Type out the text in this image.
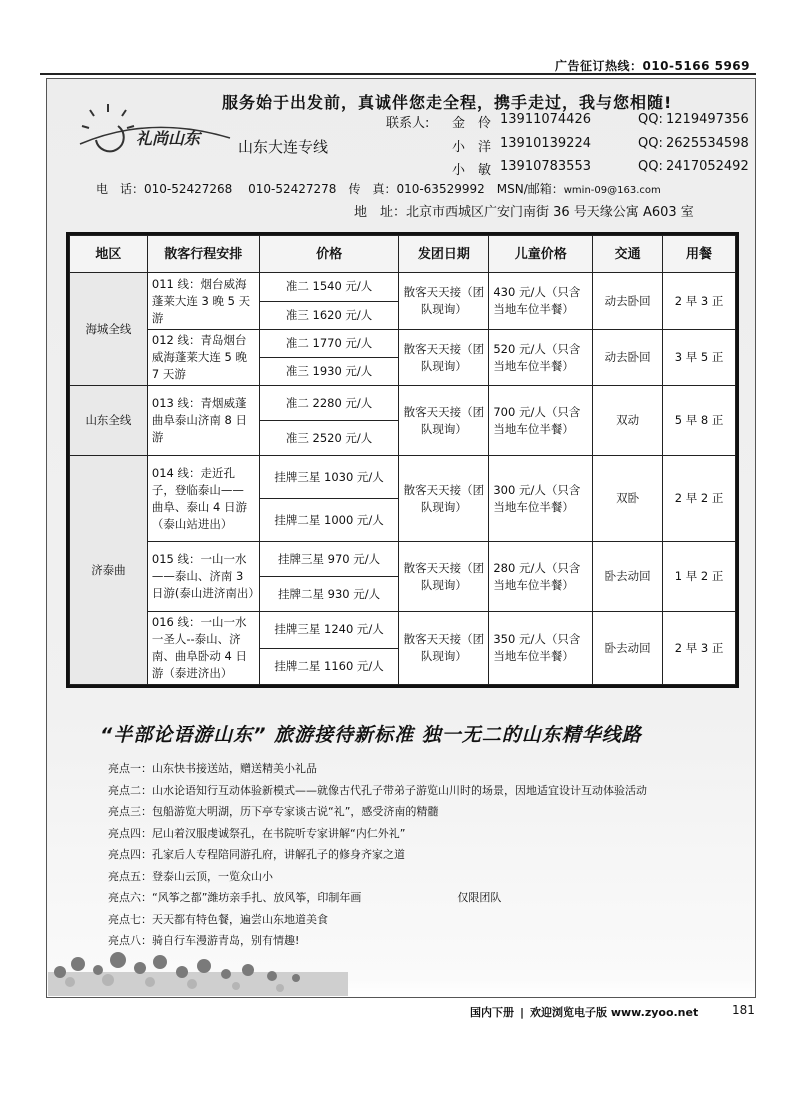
广告征订热线：010-5166 5969
礼尚山东
服务始于出发前，真诚伴您走全程，携手走过，我与您相随!
山东大连专线
联系人: 金　伶 13911074426	QQ: 1219497356
小　洋 13910139224	QQ: 2625534598
小　敏 13910783553	QQ: 2417052492
电　话：010-52427268　 010-52427278　传　真：010-63529992　MSN/邮箱：wmin-09@163.com
地　址：北京市西城区广安门南街 36 号天缘公寓 A603 室
地区	散客行程安排	价格	发团日期	儿童价格	交通	用餐
海城全线	011 线：烟台威海蓬莱大连 3 晚 5 天游	准二 1540 元/人	散客天天接（团队现询）	430 元/人（只含当地车位半餐）	动去卧回	2 早 3 正
		准三 1620 元/人				
	012 线：青岛烟台威海蓬莱大连 5 晚 7 天游	准二 1770 元/人	散客天天接（团队现询）	520 元/人（只含当地车位半餐）	动去卧回	3 早 5 正
		准三 1930 元/人				
山东全线	013 线：青烟威蓬曲阜泰山济南 8 日游	准二 2280 元/人	散客天天接（团队现询）	700 元/人（只含当地车位半餐）	双动	5 早 8 正
		准三 2520 元/人				
济泰曲	014 线：走近孔子，登临泰山——曲阜、泰山 4 日游（泰山站进出）	挂牌三星 1030 元/人	散客天天接（团队现询）	300 元/人（只含当地车位半餐）	双卧	2 早 2 正
		挂牌二星 1000 元/人				
	015 线：一山一水——泰山、济南 3 日游(泰山进济南出）	挂牌三星 970 元/人	散客天天接（团队现询）	280 元/人（只含当地车位半餐）	卧去动回	1 早 2 正
		挂牌二星 930 元/人				
	016 线：一山一水一圣人--泰山、济南、曲阜卧动 4 日游（泰进济出）	挂牌三星 1240 元/人	散客天天接（团队现询）	350 元/人（只含当地车位半餐）	卧去动回	2 早 3 正
		挂牌二星 1160 元/人				
“半部论语游山东” 旅游接待新标准 独一无二的山东精华线路
亮点一：山东快书接送站，赠送精美小礼品
亮点二：山水论语知行互动体验新模式——就像古代孔子带弟子游览山川时的场景，因地适宜设计互动体验活动
亮点三：包船游览大明湖，历下亭专家谈古说“礼”，感受济南的精髓
亮点四：尼山着汉服虔诚祭孔，在书院听专家讲解“内仁外礼”
亮点四：孔家后人专程陪同游孔府，讲解孔子的修身齐家之道
亮点五：登泰山云顶，一览众山小
亮点六：“风筝之都”潍坊亲手扎、放风筝，印制年画	仅限团队
亮点七：天天都有特色餐，遍尝山东地道美食
亮点八：骑自行车漫游青岛，别有情趣!
国内下册 | 欢迎浏览电子版 www.zyoo.net	181
